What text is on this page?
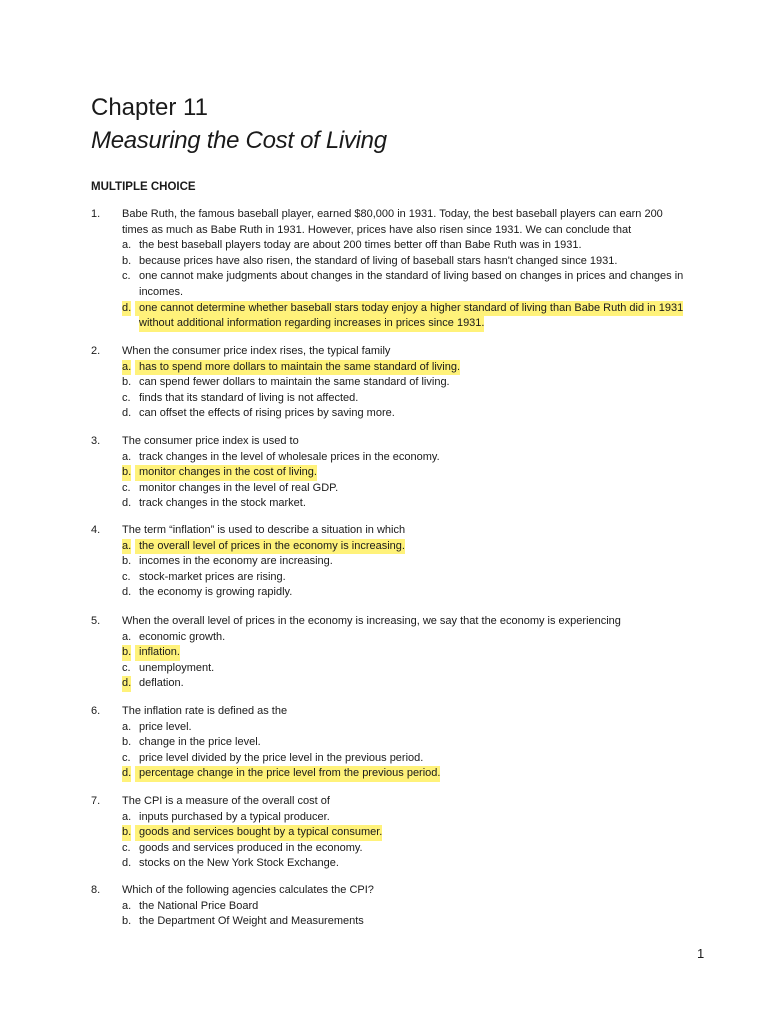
Chapter 11
Measuring the Cost of Living
MULTIPLE CHOICE
1. Babe Ruth, the famous baseball player, earned $80,000 in 1931. Today, the best baseball players can earn 200
times as much as Babe Ruth in 1931. However, prices have also risen since 1931. We can conclude that
a. the best baseball players today are about 200 times better off than Babe Ruth was in 1931.
b. because prices have also risen, the standard of living of baseball stars hasn't changed since 1931.
c. one cannot make judgments about changes in the standard of living based on changes in prices and changes in
incomes.
d. one cannot determine whether baseball stars today enjoy a higher standard of living than Babe Ruth did in 1931
without additional information regarding increases in prices since 1931.
2. When the consumer price index rises, the typical family
a. has to spend more dollars to maintain the same standard of living.
b. can spend fewer dollars to maintain the same standard of living.
c. finds that its standard of living is not affected.
d. can offset the effects of rising prices by saving more.
3. The consumer price index is used to
a. track changes in the level of wholesale prices in the economy.
b. monitor changes in the cost of living.
c. monitor changes in the level of real GDP.
d. track changes in the stock market.
4. The term “inflation” is used to describe a situation in which
a. the overall level of prices in the economy is increasing.
b. incomes in the economy are increasing.
c. stock-market prices are rising.
d. the economy is growing rapidly.
5. When the overall level of prices in the economy is increasing, we say that the economy is experiencing
a. economic growth.
b. inflation.
c. unemployment.
d. deflation.
6. The inflation rate is defined as the
a. price level.
b. change in the price level.
c. price level divided by the price level in the previous period.
d. percentage change in the price level from the previous period.
7. The CPI is a measure of the overall cost of
a. inputs purchased by a typical producer.
b. goods and services bought by a typical consumer.
c. goods and services produced in the economy.
d. stocks on the New York Stock Exchange.
8. Which of the following agencies calculates the CPI?
a. the National Price Board
b. the Department Of Weight and Measurements
1
